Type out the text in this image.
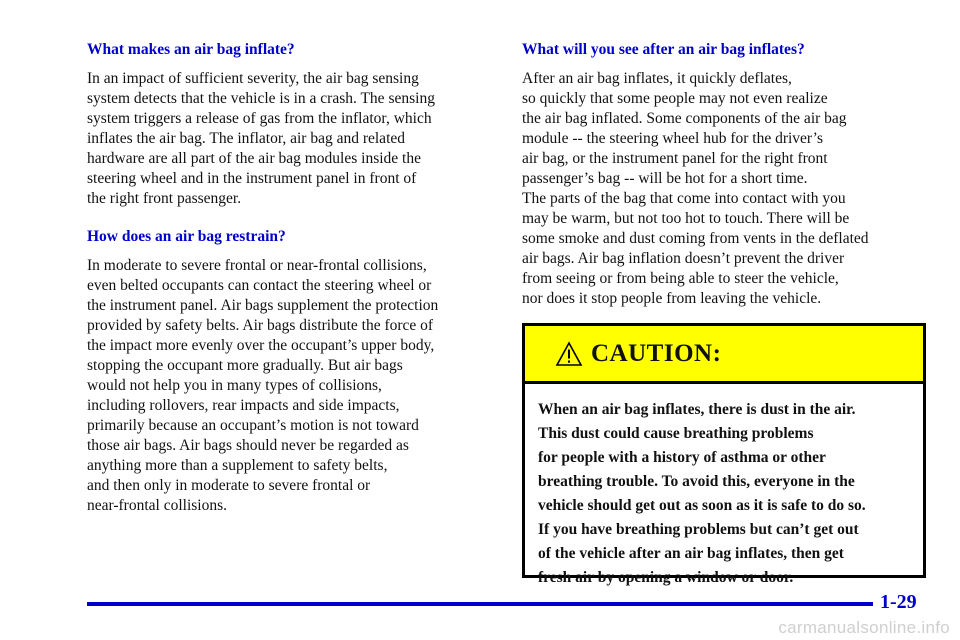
What makes an air bag inflate?
In an impact of sufficient severity, the air bag sensing
system detects that the vehicle is in a crash. The sensing
system triggers a release of gas from the inflator, which
inflates the air bag. The inflator, air bag and related
hardware are all part of the air bag modules inside the
steering wheel and in the instrument panel in front of
the right front passenger.
How does an air bag restrain?
In moderate to severe frontal or near-frontal collisions,
even belted occupants can contact the steering wheel or
the instrument panel. Air bags supplement the protection
provided by safety belts. Air bags distribute the force of
the impact more evenly over the occupant’s upper body,
stopping the occupant more gradually. But air bags
would not help you in many types of collisions,
including rollovers, rear impacts and side impacts,
primarily because an occupant’s motion is not toward
those air bags. Air bags should never be regarded as
anything more than a supplement to safety belts,
and then only in moderate to severe frontal or
near-frontal collisions.
What will you see after an air bag inflates?
After an air bag inflates, it quickly deflates,
so quickly that some people may not even realize
the air bag inflated. Some components of the air bag
module -- the steering wheel hub for the driver’s
air bag, or the instrument panel for the right front
passenger’s bag -- will be hot for a short time.
The parts of the bag that come into contact with you
may be warm, but not too hot to touch. There will be
some smoke and dust coming from vents in the deflated
air bags. Air bag inflation doesn’t prevent the driver
from seeing or from being able to steer the vehicle,
nor does it stop people from leaving the vehicle.
CAUTION:

When an air bag inflates, there is dust in the air.
This dust could cause breathing problems
for people with a history of asthma or other
breathing trouble. To avoid this, everyone in the
vehicle should get out as soon as it is safe to do so.
If you have breathing problems but can’t get out
of the vehicle after an air bag inflates, then get
fresh air by opening a window or door.

1-29
carmanualsonline.info
